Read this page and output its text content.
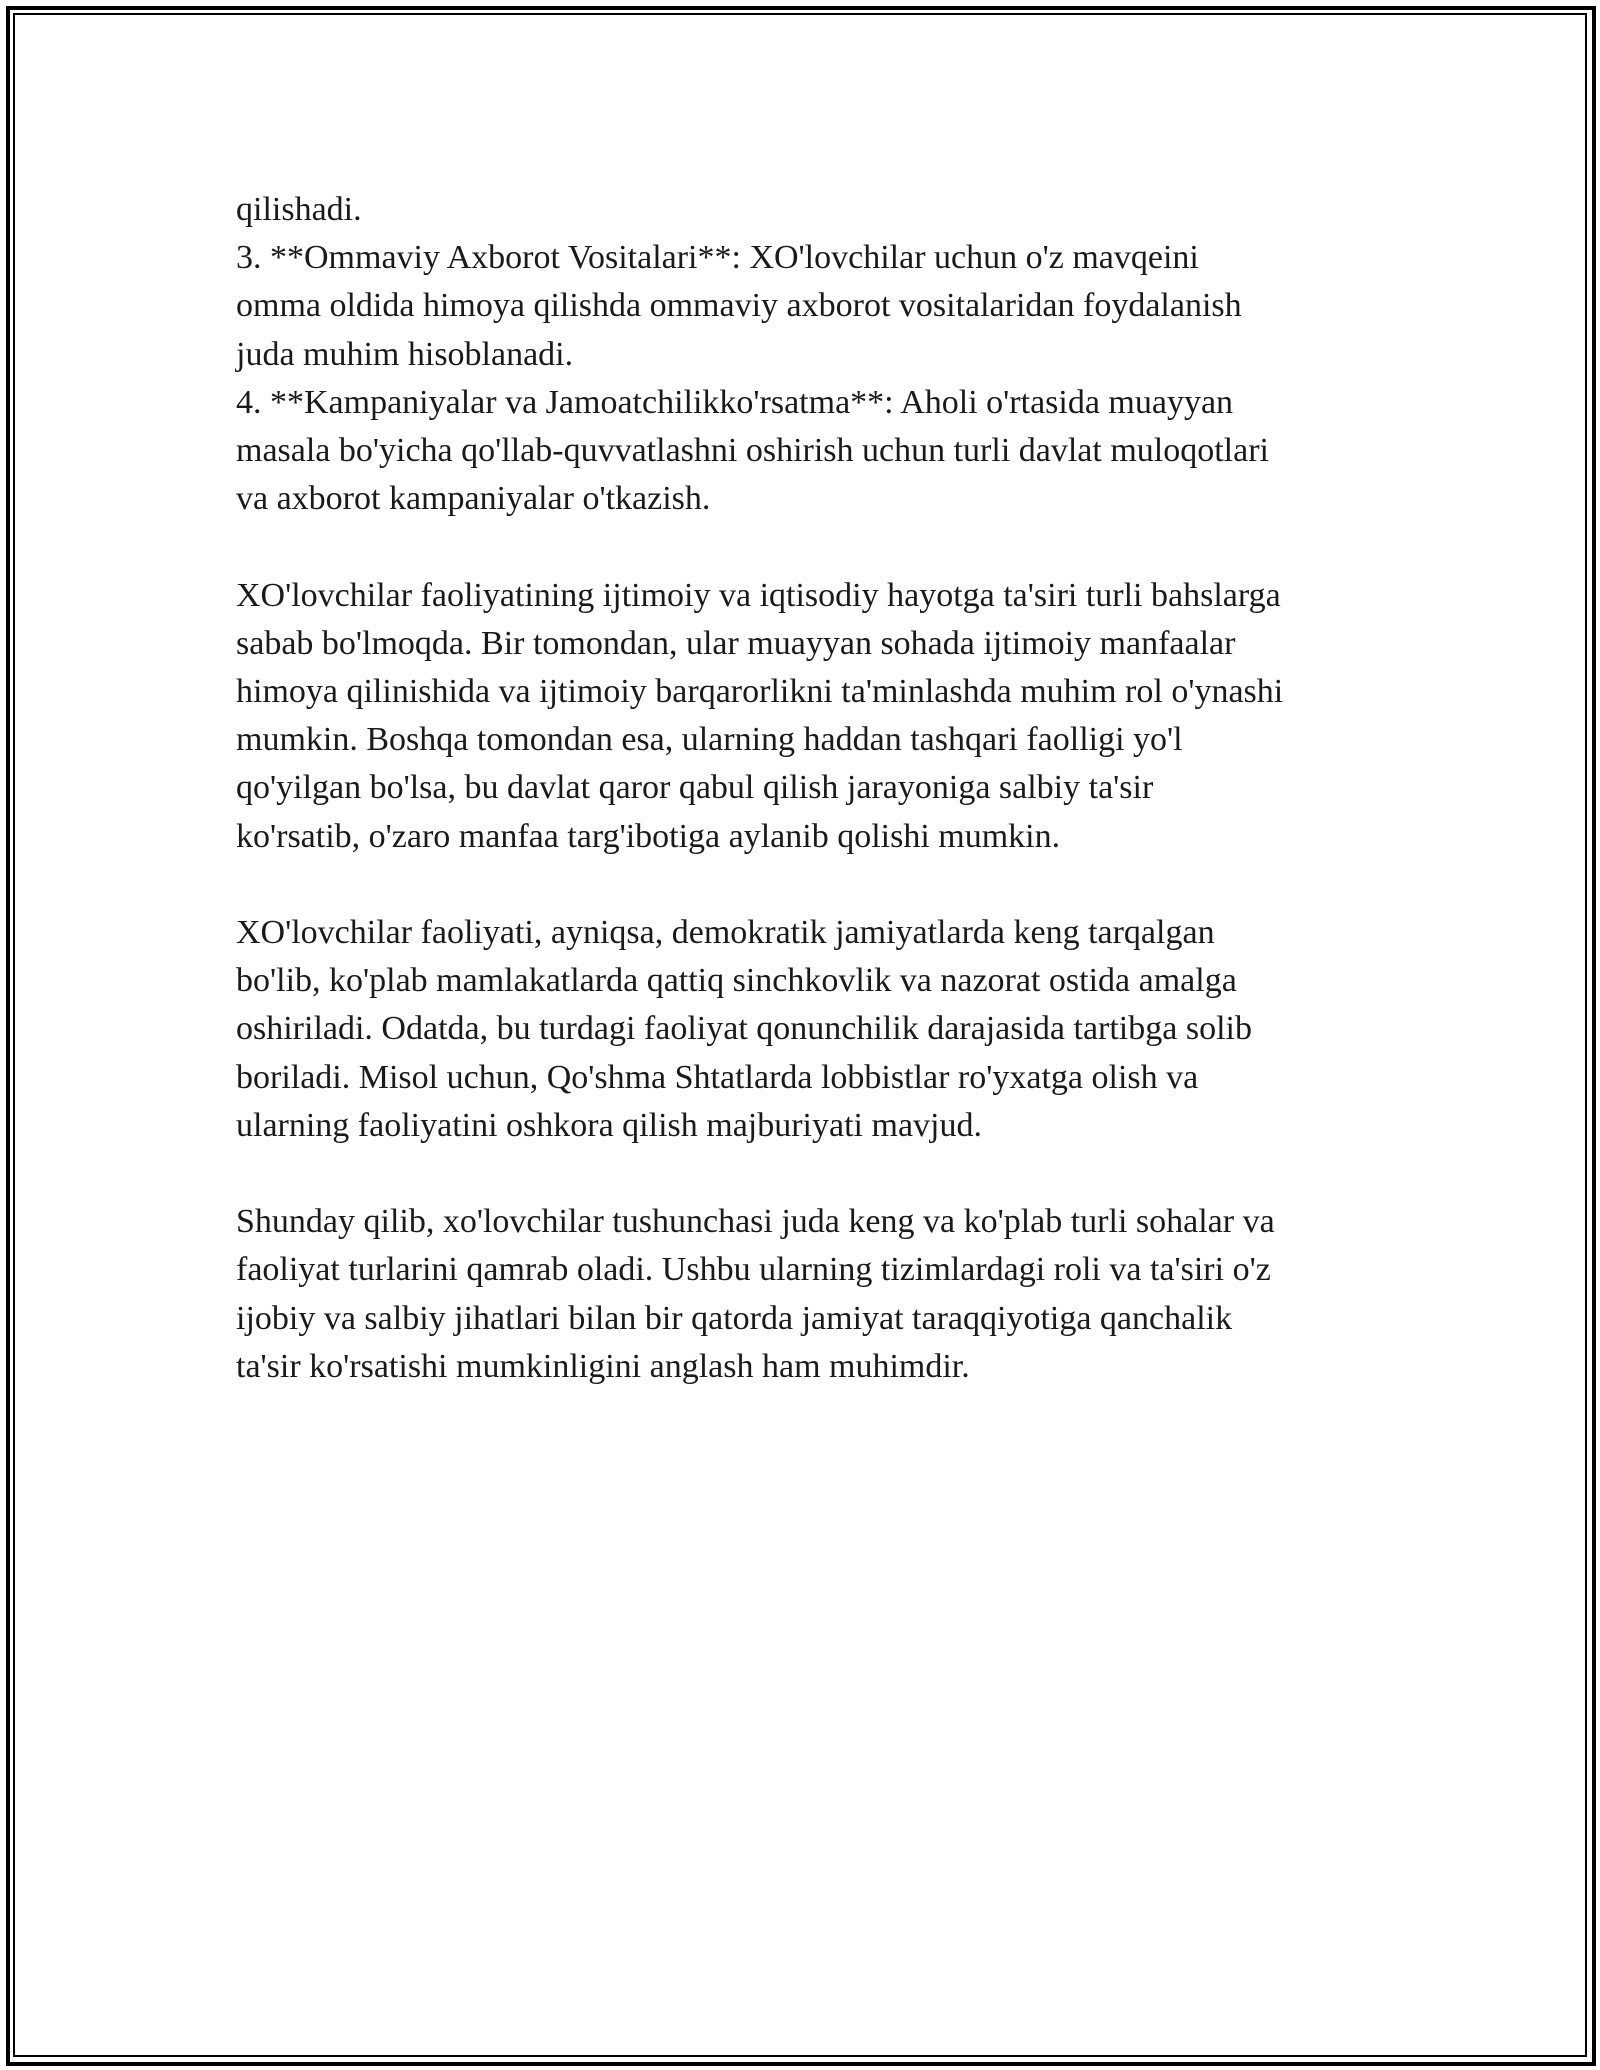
qilishadi.
3. **Ommaviy Axborot Vositalari**: XO'lovchilar uchun o'z mavqeini
omma oldida himoya qilishda ommaviy axborot vositalaridan foydalanish
juda muhim hisoblanadi.
4. **Kampaniyalar va Jamoatchilikko'rsatma**: Aholi o'rtasida muayyan
masala bo'yicha qo'llab-quvvatlashni oshirish uchun turli davlat muloqotlari
va axborot kampaniyalar o'tkazish.
XO'lovchilar faoliyatining ijtimoiy va iqtisodiy hayotga ta'siri turli bahslarga
sabab bo'lmoqda. Bir tomondan, ular muayyan sohada ijtimoiy manfaalar
himoya qilinishida va ijtimoiy barqarorlikni ta'minlashda muhim rol o'ynashi
mumkin. Boshqa tomondan esa, ularning haddan tashqari faolligi yo'l
qo'yilgan bo'lsa, bu davlat qaror qabul qilish jarayoniga salbiy ta'sir
ko'rsatib, o'zaro manfaa targ'ibotiga aylanib qolishi mumkin.
XO'lovchilar faoliyati, ayniqsa, demokratik jamiyatlarda keng tarqalgan
bo'lib, ko'plab mamlakatlarda qattiq sinchkovlik va nazorat ostida amalga
oshiriladi. Odatda, bu turdagi faoliyat qonunchilik darajasida tartibga solib
boriladi. Misol uchun, Qo'shma Shtatlarda lobbistlar ro'yxatga olish va
ularning faoliyatini oshkora qilish majburiyati mavjud.
Shunday qilib, xo'lovchilar tushunchasi juda keng va ko'plab turli sohalar va
faoliyat turlarini qamrab oladi. Ushbu ularning tizimlardagi roli va ta'siri o'z
ijobiy va salbiy jihatlari bilan bir qatorda jamiyat taraqqiyotiga qanchalik
ta'sir ko'rsatishi mumkinligini anglash ham muhimdir.
